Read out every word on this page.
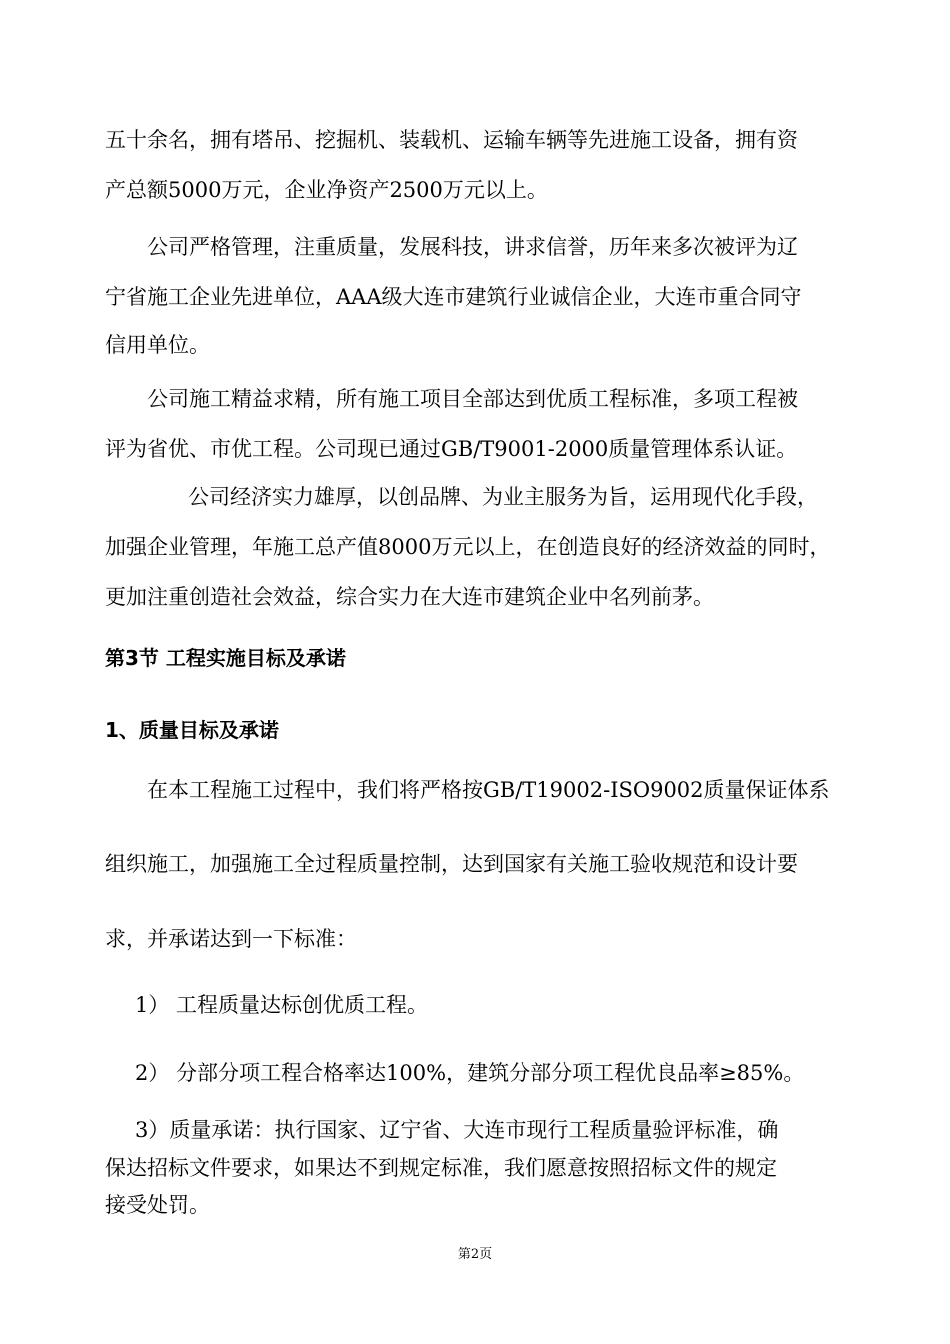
五十余名，拥有塔吊、挖掘机、装载机、运输车辆等先进施工设备，拥有资
产总额5000万元，企业净资产2500万元以上。
公司严格管理，注重质量，发展科技，讲求信誉，历年来多次被评为辽
宁省施工企业先进单位，AAA级大连市建筑行业诚信企业，大连市重合同守
信用单位。
公司施工精益求精，所有施工项目全部达到优质工程标准，多项工程被
评为省优、市优工程。公司现已通过GB/T9001-2000质量管理体系认证。
公司经济实力雄厚，以创品牌、为业主服务为旨，运用现代化手段，
加强企业管理，年施工总产值8000万元以上，在创造良好的经济效益的同时，
更加注重创造社会效益，综合实力在大连市建筑企业中名列前茅。
第3节 工程实施目标及承诺
1、质量目标及承诺
在本工程施工过程中，我们将严格按GB/T19002-ISO9002质量保证体系
组织施工，加强施工全过程质量控制，达到国家有关施工验收规范和设计要
求，并承诺达到一下标准：
1） 工程质量达标创优质工程。
2） 分部分项工程合格率达100%，建筑分部分项工程优良品率≥85%。
3）质量承诺：执行国家、辽宁省、大连市现行工程质量验评标准，确
保达招标文件要求，如果达不到规定标准，我们愿意按照招标文件的规定
接受处罚。
第2页
